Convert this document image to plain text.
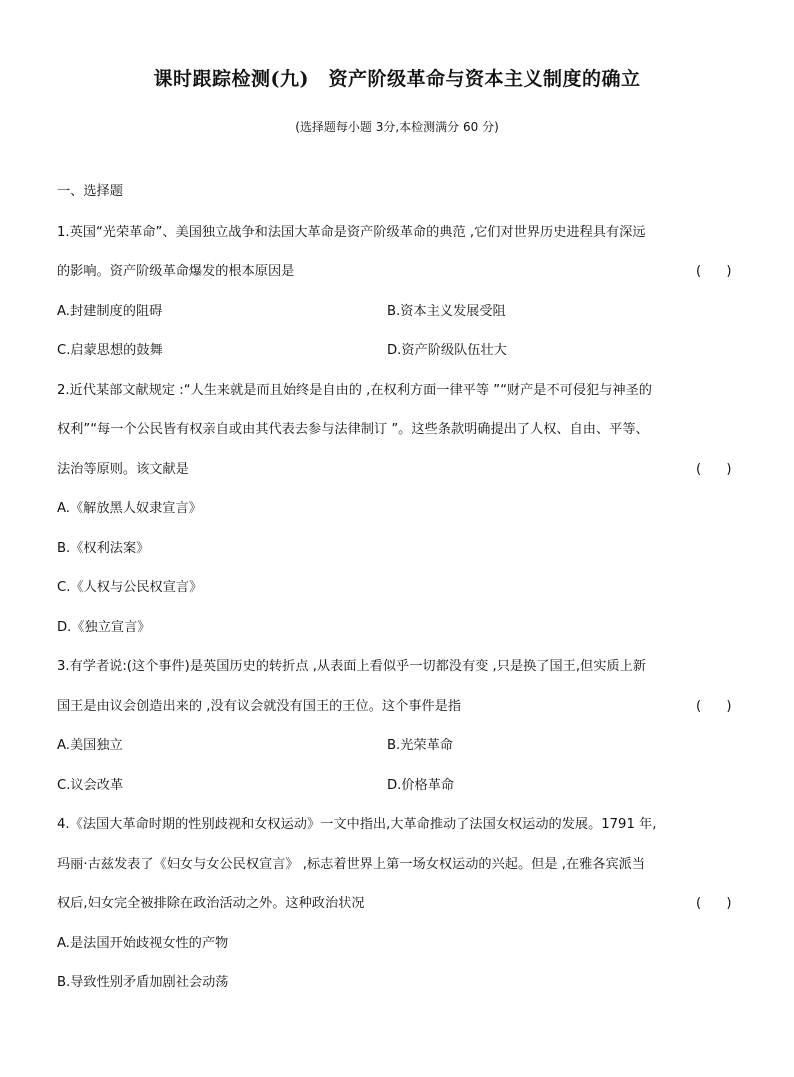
课时跟踪检测(九)　资产阶级革命与资本主义制度的确立
(选择题每小题 3分,本检测满分 60 分)
一、选择题
1.英国“光荣革命”、美国独立战争和法国大革命是资产阶级革命的典范 ,它们对世界历史进程具有深远
的影响。资产阶级革命爆发的根本原因是	(　)
A.封建制度的阻碍	B.资本主义发展受阻
C.启蒙思想的鼓舞	D.资产阶级队伍壮大
2.近代某部文献规定 :“人生来就是而且始终是自由的 ,在权利方面一律平等 ”“财产是不可侵犯与神圣的
权利”“每一个公民皆有权亲自或由其代表去参与法律制订 ”。这些条款明确提出了人权、自由、平等、
法治等原则。该文献是	(　)
A.《解放黑人奴隶宣言》
B.《权利法案》
C.《人权与公民权宣言》
D.《独立宣言》
3.有学者说:(这个事件)是英国历史的转折点 ,从表面上看似乎一切都没有变 ,只是换了国王,但实质上新
国王是由议会创造出来的 ,没有议会就没有国王的王位。这个事件是指	(　)
A.美国独立	B.光荣革命
C.议会改革	D.价格革命
4.《法国大革命时期的性别歧视和女权运动》一文中指出,大革命推动了法国女权运动的发展。1791 年,
玛丽·古兹发表了《妇女与女公民权宣言》 ,标志着世界上第一场女权运动的兴起。但是 ,在雅各宾派当
权后,妇女完全被排除在政治活动之外。这种政治状况	(　)
A.是法国开始歧视女性的产物
B.导致性别矛盾加剧社会动荡
